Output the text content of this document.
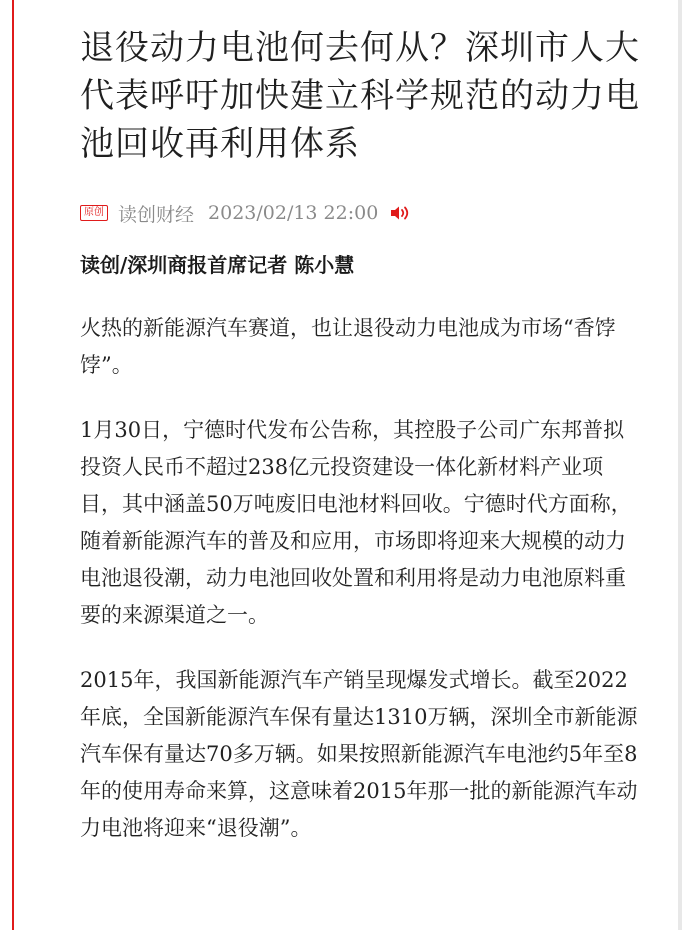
退役动力电池何去何从？深圳市人大代表呼吁加快建立科学规范的动力电池回收再利用体系
原创 读创财经 2023/02/13 22:00
读创/深圳商报首席记者 陈小慧

火热的新能源汽车赛道，也让退役动力电池成为市场“香饽饽”。

1月30日，宁德时代发布公告称，其控股子公司广东邦普拟投资人民币不超过238亿元投资建设一体化新材料产业项目，其中涵盖50万吨废旧电池材料回收。宁德时代方面称，随着新能源汽车的普及和应用，市场即将迎来大规模的动力电池退役潮，动力电池回收处置和利用将是动力电池原料重要的来源渠道之一。

2015年，我国新能源汽车产销呈现爆发式增长。截至2022年底，全国新能源汽车保有量达1310万辆，深圳全市新能源汽车保有量达70多万辆。如果按照新能源汽车电池约5年至8年的使用寿命来算，这意味着2015年那一批的新能源汽车动力电池将迎来“退役潮”。
